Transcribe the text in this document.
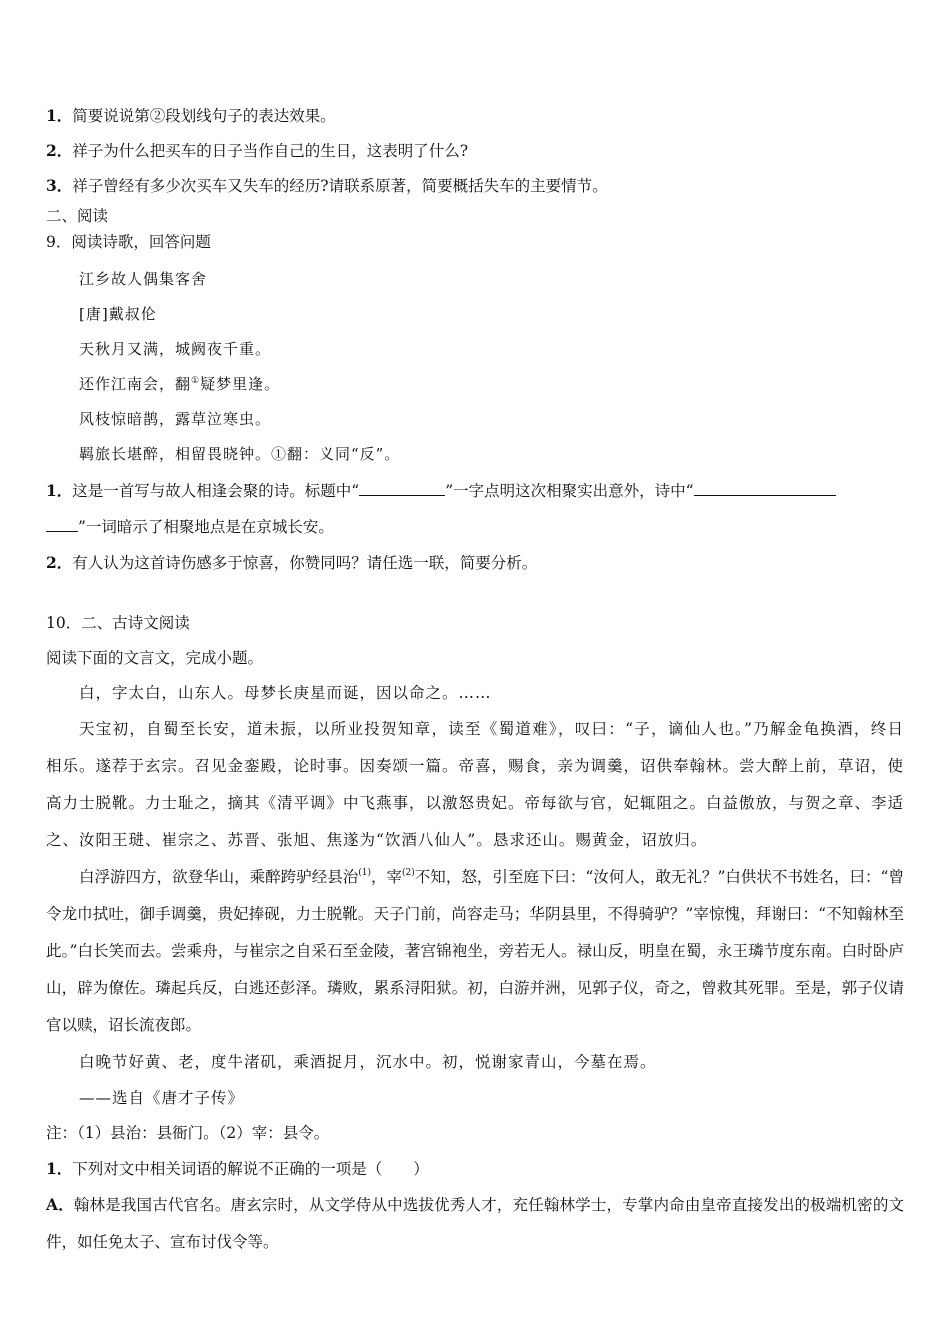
1．简要说说第②段划线句子的表达效果。
2．祥子为什么把买车的日子当作自己的生日，这表明了什么?
3．祥子曾经有多少次买车又失车的经历?请联系原著，简要概括失车的主要情节。
二、阅读
9．阅读诗歌，回答问题
江乡故人偶集客舍
[唐]戴叔伦
天秋月又满，城阙夜千重。
还作江南会，翻①疑梦里逢。
风枝惊暗鹊，露草泣寒虫。
羁旅长堪醉，相留畏晓钟。①翻：义同“反”。
1．这是一首写与故人相逢会聚的诗。标题中“	”一字点明这次相聚实出意外，诗中“
”一词暗示了相聚地点是在京城长安。
2．有人认为这首诗伤感多于惊喜，你赞同吗？请任选一联，简要分析。
10．二、古诗文阅读
阅读下面的文言文，完成小题。
白，字太白，山东人。母梦长庚星而诞，因以命之。……
天宝初，自蜀至长安，道未振，以所业投贺知章，读至《蜀道难》，叹曰：“子，谪仙人也。”乃解金龟换酒，终日相乐。遂荐于玄宗。召见金銮殿，论时事。因奏颂一篇。帝喜，赐食，亲为调羹，诏供奉翰林。尝大醉上前，草诏，使高力士脱靴。力士耻之，摘其《清平调》中飞燕事，以激怒贵妃。帝每欲与官，妃辄阻之。白益傲放，与贺之章、李适之、汝阳王琎、崔宗之、苏晋、张旭、焦遂为“饮酒八仙人”。恳求还山。赐黄金，诏放归。
白浮游四方，欲登华山，乘醉跨驴经县治$^{(1)}$，宰$^{(2)}$不知，怒，引至庭下曰：“汝何人，敢无礼？”白供状不书姓名，曰：“曾令龙巾拭吐，御手调羹，贵妃捧砚，力士脱靴。天子门前，尚容走马；华阴县里，不得骑驴？”宰惊愧，拜谢曰：“不知翰林至此。”白长笑而去。尝乘舟，与崔宗之自采石至金陵，著宫锦袍坐，旁若无人。禄山反，明皇在蜀，永王璘节度东南。白时卧庐山，辟为僚佐。璘起兵反，白逃还彭泽。璘败，累系浔阳狱。初，白游并洲，见郭子仪，奇之，曾救其死罪。至是，郭子仪请官以赎，诏长流夜郎。
白晚节好黄、老，度牛渚矶，乘酒捉月，沉水中。初，悦谢家青山，今墓在焉。
——选自《唐才子传》
注：（1）县治：县衙门。（2）宰：县令。
1．下列对文中相关词语的解说不正确的一项是（　　）
A．翰林是我国古代官名。唐玄宗时，从文学侍从中选拔优秀人才，充任翰林学士，专掌内命由皇帝直接发出的极端机密的文件，如任免太子、宣布讨伐令等。
